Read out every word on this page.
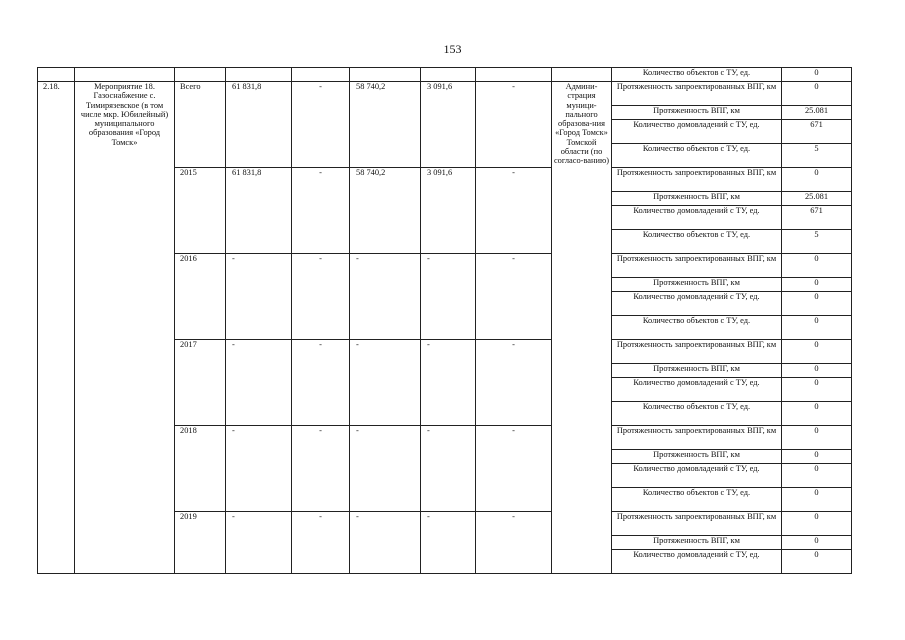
153
									Количество объектов с ТУ, ед.	0
2.18.	Мероприятие 18. Газоснабжение с. Тимирязевское (в том числе мкр. Юбилейный) муниципального образования «Город Томск»	Всего	61 831,8	-	58 740,2	3 091,6	-	Админи-страция муници-пального образова-ния «Город Томск» Томской области (по согласо-ванию)	Протяженность запроектированных ВПГ, км	0
									Протяженность ВПГ, км	25.081
									Количество домовладений с ТУ, ед.	671
									Количество объектов с ТУ, ед.	5
		2015	61 831,8	-	58 740,2	3 091,6	-		Протяженность запроектированных ВПГ, км	0
									Протяженность ВПГ, км	25.081
									Количество домовладений с ТУ, ед.	671
									Количество объектов с ТУ, ед.	5
		2016	-	-	-	-	-		Протяженность запроектированных ВПГ, км	0
									Протяженность ВПГ, км	0
									Количество домовладений с ТУ, ед.	0
									Количество объектов с ТУ, ед.	0
		2017	-	-	-	-	-		Протяженность запроектированных ВПГ, км	0
									Протяженность ВПГ, км	0
									Количество домовладений с ТУ, ед.	0
									Количество объектов с ТУ, ед.	0
		2018	-	-	-	-	-		Протяженность запроектированных ВПГ, км	0
									Протяженность ВПГ, км	0
									Количество домовладений с ТУ, ед.	0
									Количество объектов с ТУ, ед.	0
		2019	-	-	-	-	-		Протяженность запроектированных ВПГ, км	0
									Протяженность ВПГ, км	0
									Количество домовладений с ТУ, ед.	0
